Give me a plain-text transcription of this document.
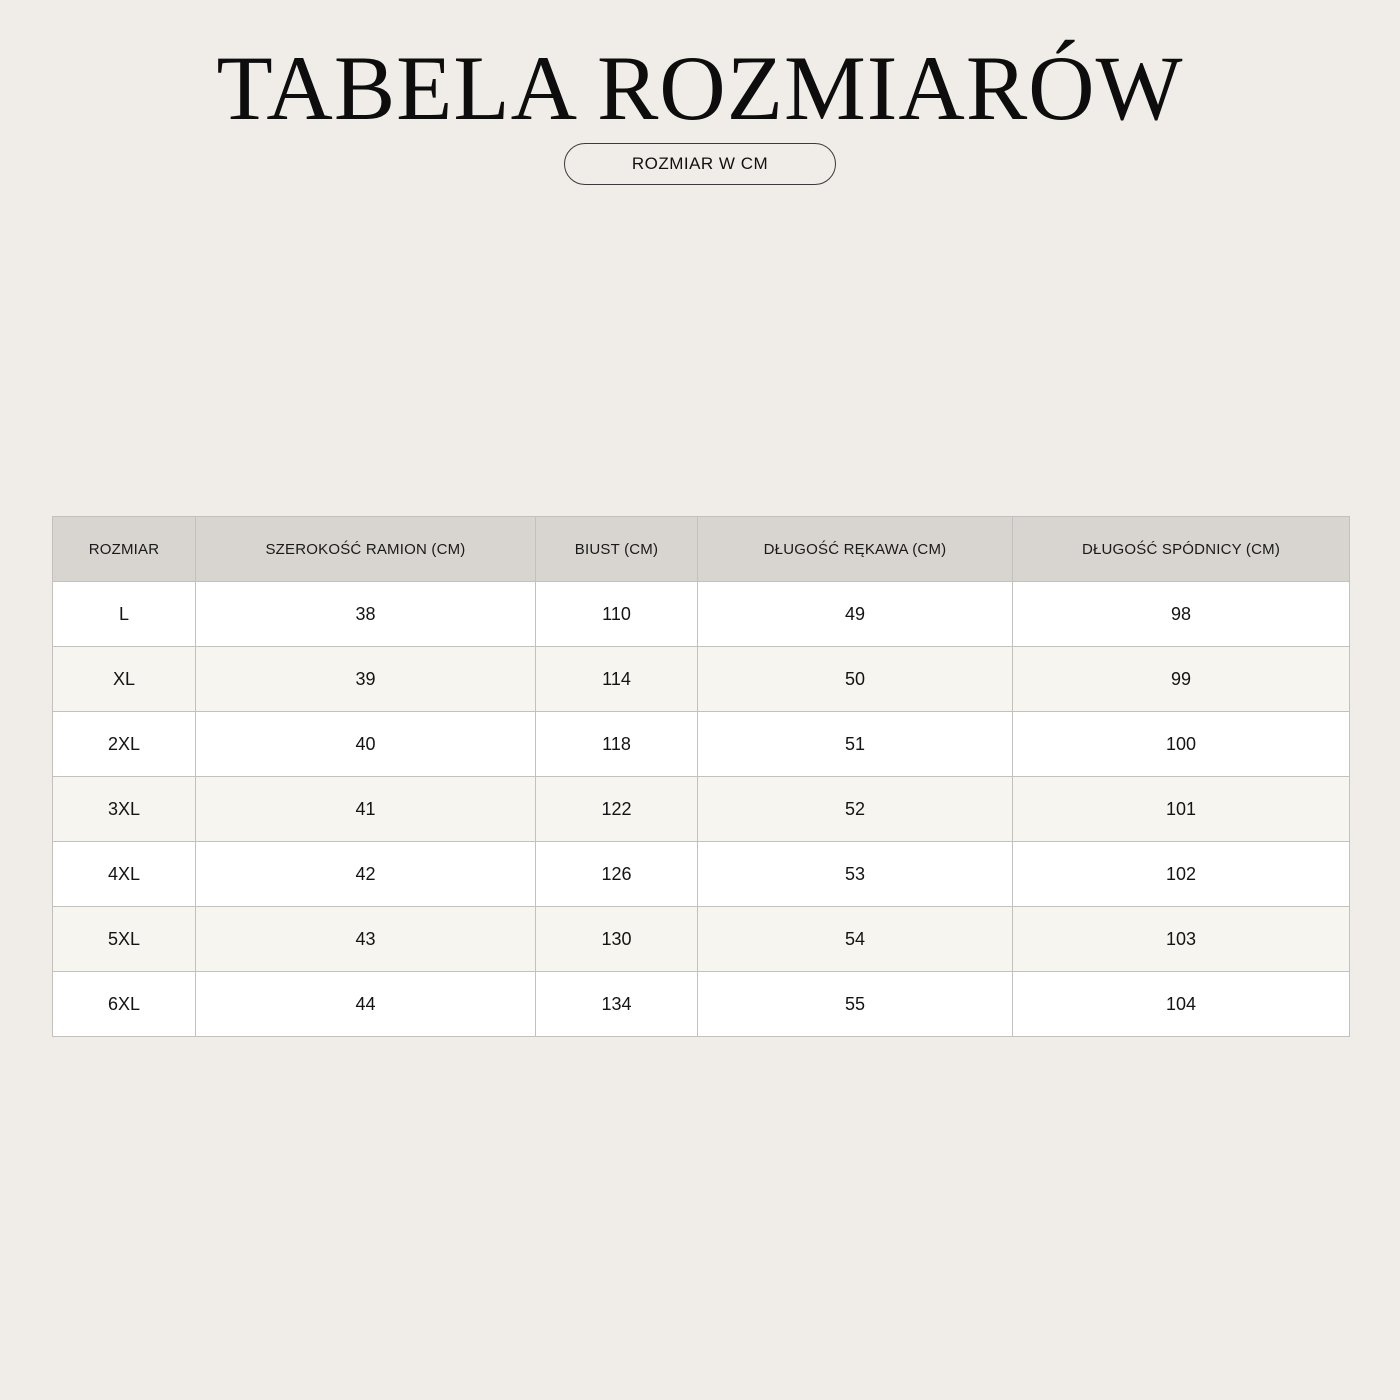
TABELA ROZMIARÓW
ROZMIAR W CM
ROZMIAR	SZEROKOŚĆ RAMION (CM)	BIUST (CM)	DŁUGOŚĆ RĘKAWA (CM)	DŁUGOŚĆ SPÓDNICY (CM)
L	38	110	49	98
XL	39	114	50	99
2XL	40	118	51	100
3XL	41	122	52	101
4XL	42	126	53	102
5XL	43	130	54	103
6XL	44	134	55	104
